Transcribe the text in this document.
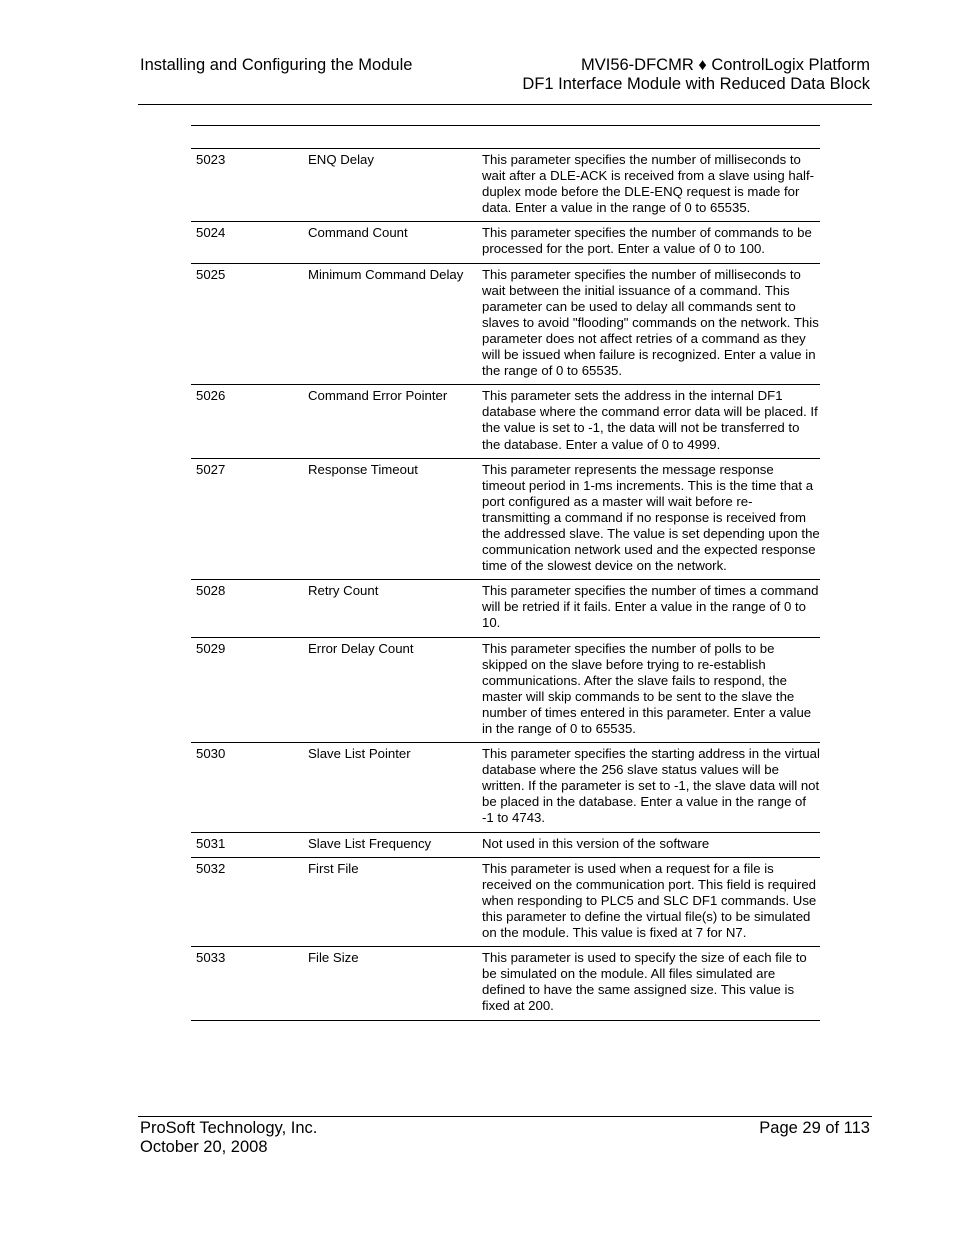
Installing and Configuring the Module	MVI56-DFCMR ♦ ControlLogix Platform
DF1 Interface Module with Reduced Data Block
5023	ENQ Delay	This parameter specifies the number of milliseconds to wait after a DLE-ACK is received from a slave using half-duplex mode before the DLE-ENQ request is made for data. Enter a value in the range of 0 to 65535.
5024	Command Count	This parameter specifies the number of commands to be processed for the port. Enter a value of 0 to 100.
5025	Minimum Command Delay	This parameter specifies the number of milliseconds to wait between the initial issuance of a command. This parameter can be used to delay all commands sent to slaves to avoid "flooding" commands on the network. This parameter does not affect retries of a command as they will be issued when failure is recognized. Enter a value in the range of 0 to 65535.
5026	Command Error Pointer	This parameter sets the address in the internal DF1 database where the command error data will be placed. If the value is set to -1, the data will not be transferred to the database. Enter a value of 0 to 4999.
5027	Response Timeout	This parameter represents the message response timeout period in 1-ms increments. This is the time that a port configured as a master will wait before re-transmitting a command if no response is received from the addressed slave. The value is set depending upon the communication network used and the expected response time of the slowest device on the network.
5028	Retry Count	This parameter specifies the number of times a command will be retried if it fails. Enter a value in the range of 0 to 10.
5029	Error Delay Count	This parameter specifies the number of polls to be skipped on the slave before trying to re-establish communications. After the slave fails to respond, the master will skip commands to be sent to the slave the number of times entered in this parameter. Enter a value in the range of 0 to 65535.
5030	Slave List Pointer	This parameter specifies the starting address in the virtual database where the 256 slave status values will be written. If the parameter is set to -1, the slave data will not be placed in the database. Enter a value in the range of -1 to 4743.
5031	Slave List Frequency	Not used in this version of the software
5032	First File	This parameter is used when a request for a file is received on the communication port. This field is required when responding to PLC5 and SLC DF1 commands. Use this parameter to define the virtual file(s) to be simulated on the module. This value is fixed at 7 for N7.
5033	File Size	This parameter is used to specify the size of each file to be simulated on the module. All files simulated are defined to have the same assigned size. This value is fixed at 200.
ProSoft Technology, Inc.
October 20, 2008
Page 29 of 113
